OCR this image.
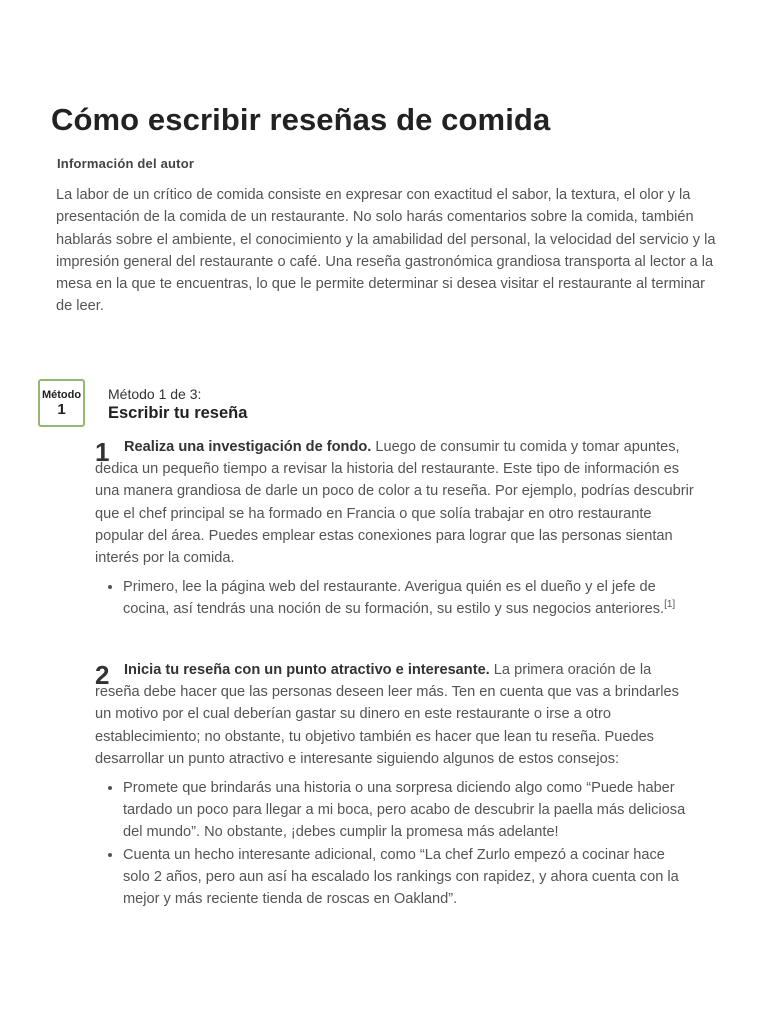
Cómo escribir reseñas de comida
Información del autor

La labor de un crítico de comida consiste en expresar con exactitud el sabor, la textura, el olor y la presentación de la comida de un restaurante. No solo harás comentarios sobre la comida, también hablarás sobre el ambiente, el conocimiento y la amabilidad del personal, la velocidad del servicio y la impresión general del restaurante o café. Una reseña gastronómica grandiosa transporta al lector a la mesa en la que te encuentras, lo que le permite determinar si desea visitar el restaurante al terminar de leer.

Método
1
Método 1 de 3:
Escribir tu reseña
1 Realiza una investigación de fondo. Luego de consumir tu comida y tomar apuntes, dedica un pequeño tiempo a revisar la historia del restaurante. Este tipo de información es una manera grandiosa de darle un poco de color a tu reseña. Por ejemplo, podrías descubrir que el chef principal se ha formado en Francia o que solía trabajar en otro restaurante popular del área. Puedes emplear estas conexiones para lograr que las personas sientan interés por la comida.

• Primero, lee la página web del restaurante. Averigua quién es el dueño y el jefe de cocina, así tendrás una noción de su formación, su estilo y sus negocios anteriores.[1]
2 Inicia tu reseña con un punto atractivo e interesante. La primera oración de la reseña debe hacer que las personas deseen leer más. Ten en cuenta que vas a brindarles un motivo por el cual deberían gastar su dinero en este restaurante o irse a otro establecimiento; no obstante, tu objetivo también es hacer que lean tu reseña. Puedes desarrollar un punto atractivo e interesante siguiendo algunos de estos consejos:

• Promete que brindarás una historia o una sorpresa diciendo algo como “Puede haber tardado un poco para llegar a mi boca, pero acabo de descubrir la paella más deliciosa del mundo”. No obstante, ¡debes cumplir la promesa más adelante!
• Cuenta un hecho interesante adicional, como “La chef Zurlo empezó a cocinar hace solo 2 años, pero aun así ha escalado los rankings con rapidez, y ahora cuenta con la mejor y más reciente tienda de roscas en Oakland”.
